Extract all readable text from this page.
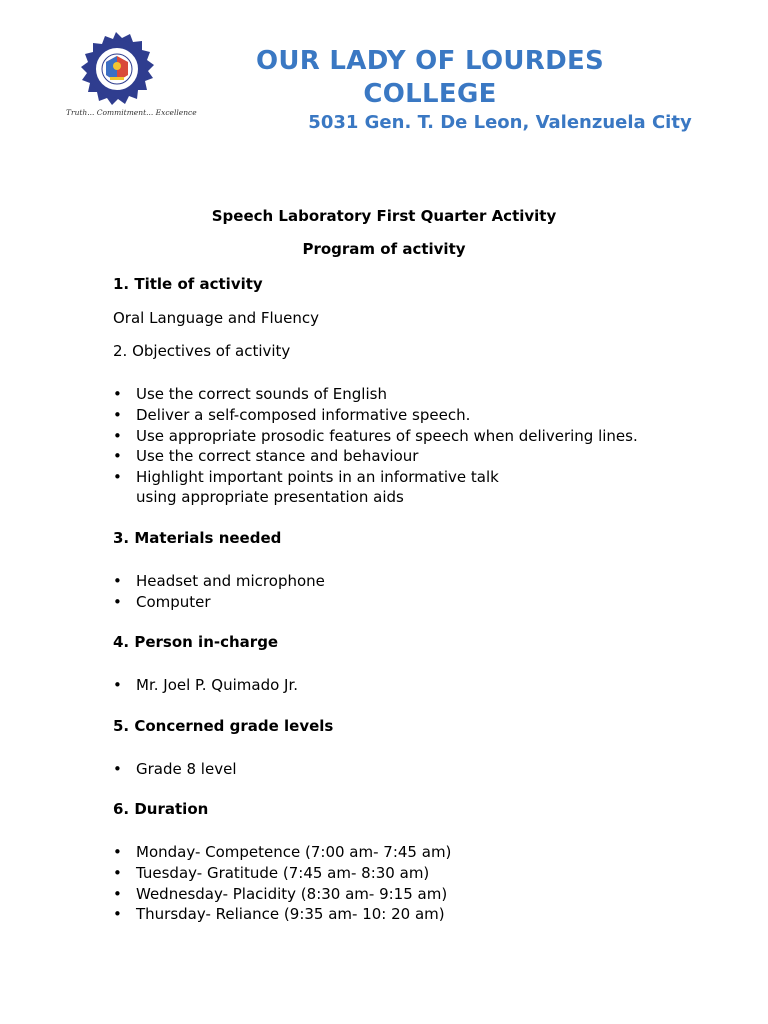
Truth... Commitment... Excellence
OUR LADY OF LOURDES COLLEGE
5031 Gen. T. De Leon, Valenzuela City
Speech Laboratory First Quarter Activity
Program of activity
1. Title of activity
Oral Language and Fluency
2. Objectives of activity
• Use the correct sounds of English
• Deliver a self-composed informative speech.
• Use appropriate prosodic features of speech when delivering lines.
• Use the correct stance and behaviour
• Highlight important points in an informative talk
using appropriate presentation aids
3. Materials needed
• Headset and microphone
• Computer
4. Person in-charge
• Mr. Joel P. Quimado Jr.
5. Concerned grade levels
• Grade 8 level
6. Duration
• Monday- Competence (7:00 am- 7:45 am)
• Tuesday- Gratitude (7:45 am- 8:30 am)
• Wednesday- Placidity (8:30 am- 9:15 am)
• Thursday- Reliance (9:35 am- 10: 20 am)
